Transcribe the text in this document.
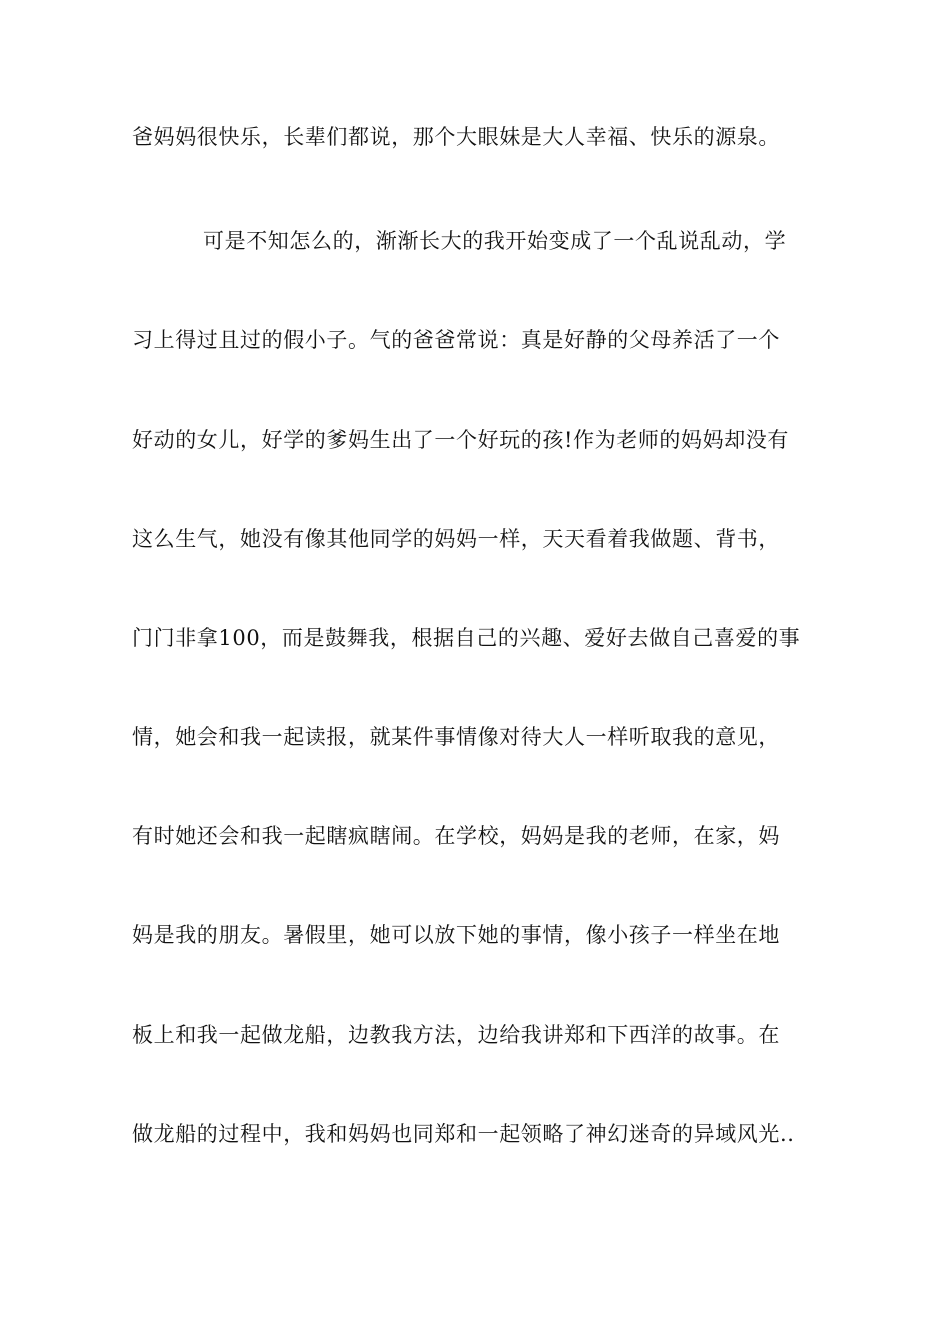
爸妈妈很快乐，长辈们都说，那个大眼妹是大人幸福、快乐的源泉。
可是不知怎么的，渐渐长大的我开始变成了一个乱说乱动，学
习上得过且过的假小子。气的爸爸常说：真是好静的父母养活了一个
好动的女儿，好学的爹妈生出了一个好玩的孩!作为老师的妈妈却没有
这么生气，她没有像其他同学的妈妈一样，天天看着我做题、背书，
门门非拿100，而是鼓舞我，根据自己的兴趣、爱好去做自己喜爱的事
情，她会和我一起读报，就某件事情像对待大人一样听取我的意见，
有时她还会和我一起瞎疯瞎闹。在学校，妈妈是我的老师，在家，妈
妈是我的朋友。暑假里，她可以放下她的事情，像小孩子一样坐在地
板上和我一起做龙船，边教我方法，边给我讲郑和下西洋的故事。在
做龙船的过程中，我和妈妈也同郑和一起领略了神幻迷奇的异域风光..
